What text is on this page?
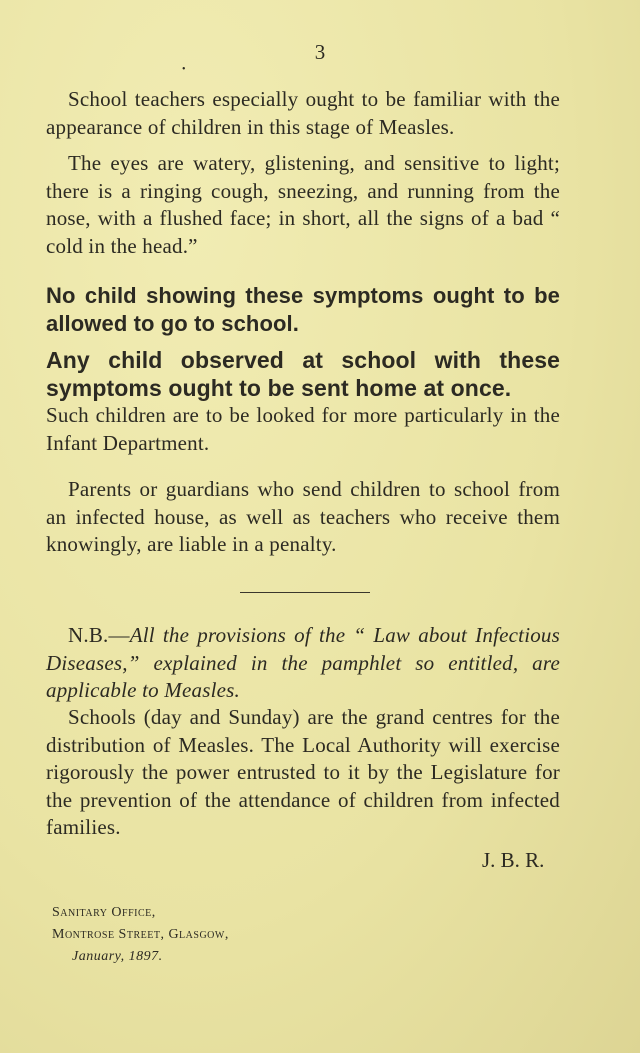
3
•

School teachers especially ought to be familiar with the appearance of children in this stage of Measles.

The eyes are watery, glistening, and sensitive to light; there is a ringing cough, sneezing, and running from the nose, with a flushed face; in short, all the signs of a bad “ cold in the head.”

No child showing these symptoms ought to be allowed to go to school.

Any child observed at school with these symptoms ought to be sent home at once.

Such children are to be looked for more particularly in the Infant Department.

Parents or guardians who send children to school from an infected house, as well as teachers who receive them knowingly, are liable in a penalty.

N.B.—All the provisions of the “ Law about Infectious Diseases,” explained in the pamphlet so entitled, are applicable to Measles.

Schools (day and Sunday) are the grand centres for the distribution of Measles. The Local Authority will exercise rigorously the power entrusted to it by the Legislature for the prevention of the attendance of children from infected families.

J. B. R.
Sanitary Office,
Montrose Street, Glasgow,
January, 1897.
